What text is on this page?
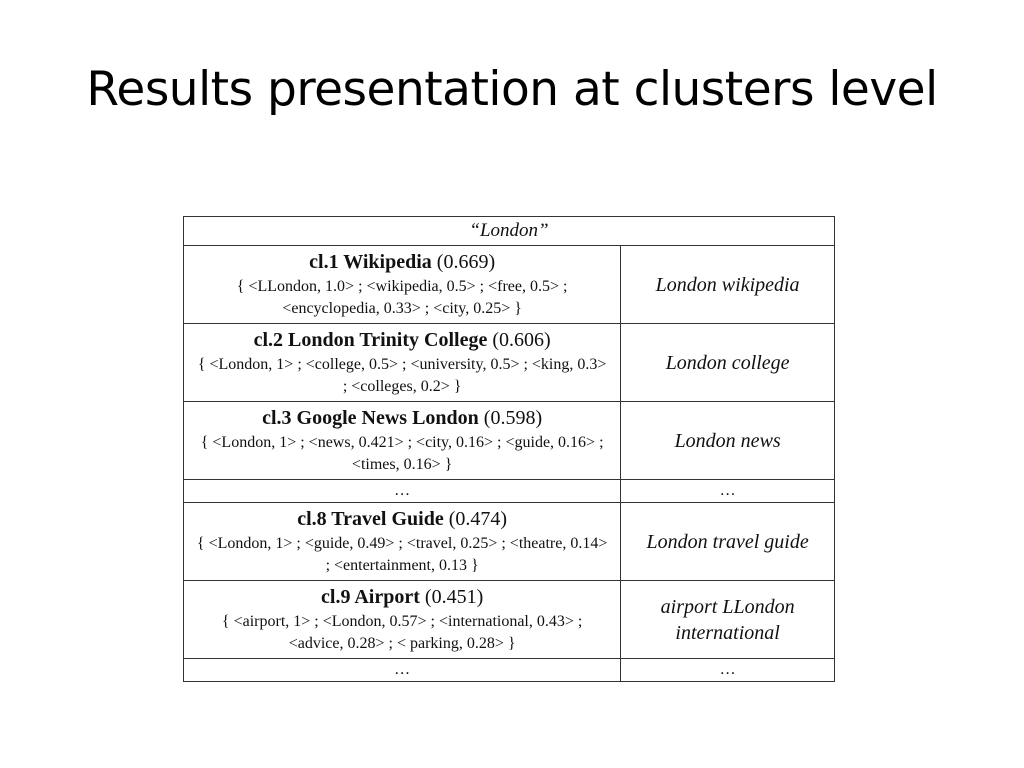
Results presentation at clusters level
“London”	

cl.1 Wikipedia (0.669)
{ <LLondon, 1.0> ; <wikipedia, 0.5> ; <free, 0.5> ; <encyclopedia, 0.33> ; <city, 0.25> }	London wikipedia

cl.2 London Trinity College (0.606)
{ <London, 1> ; <college, 0.5> ; <university, 0.5> ; <king, 0.3> ; <colleges, 0.2> }	London college

cl.3 Google News London (0.598)
{ <London, 1> ; <news, 0.421> ; <city, 0.16> ; <guide, 0.16> ; <times, 0.16> }	London news
…	…

cl.8 Travel Guide (0.474)
{ <London, 1> ; <guide, 0.49> ; <travel, 0.25> ; <theatre, 0.14> ; <entertainment, 0.13 }	London travel guide

cl.9 Airport (0.451)
{ <airport, 1> ; <London, 0.57> ; <international, 0.43> ; <advice, 0.28> ; < parking, 0.28> }	airport LLondon international
…	…
